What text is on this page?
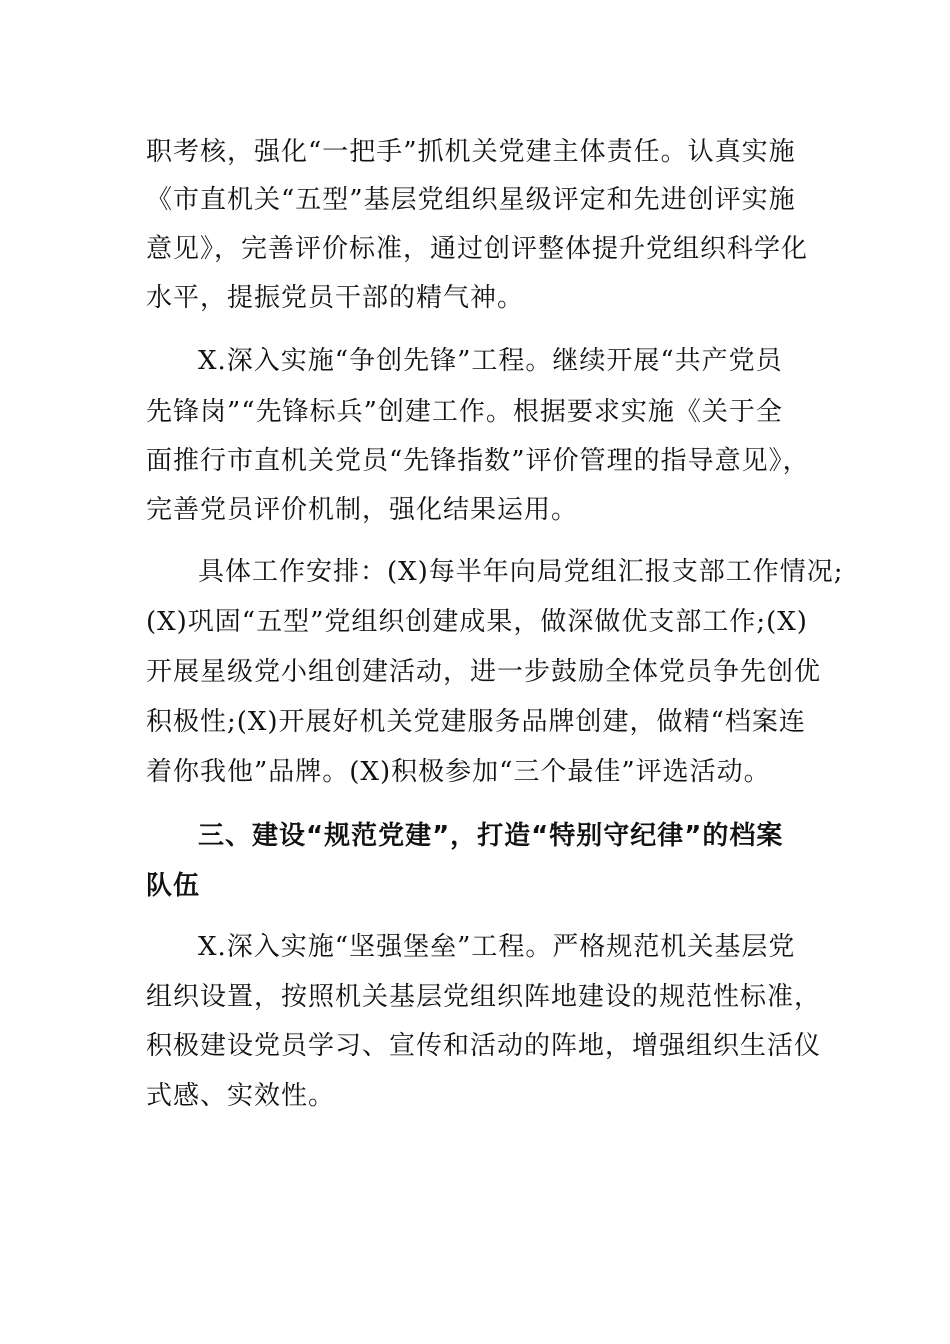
职考核，强化“一把手”抓机关党建主体责任。认真实施
《市直机关“五型”基层党组织星级评定和先进创评实施
意见》，完善评价标准，通过创评整体提升党组织科学化
水平，提振党员干部的精气神。
X.深入实施“争创先锋”工程。继续开展“共产党员
先锋岗”“先锋标兵”创建工作。根据要求实施《关于全
面推行市直机关党员“先锋指数”评价管理的指导意见》，
完善党员评价机制，强化结果运用。
具体工作安排：(X)每半年向局党组汇报支部工作情况;
(X)巩固“五型”党组织创建成果，做深做优支部工作;(X)
开展星级党小组创建活动，进一步鼓励全体党员争先创优
积极性;(X)开展好机关党建服务品牌创建，做精“档案连
着你我他”品牌。(X)积极参加“三个最佳”评选活动。
三、建设“规范党建”，打造“特别守纪律”的档案
队伍
X.深入实施“坚强堡垒”工程。严格规范机关基层党
组织设置，按照机关基层党组织阵地建设的规范性标准，
积极建设党员学习、宣传和活动的阵地，增强组织生活仪
式感、实效性。
